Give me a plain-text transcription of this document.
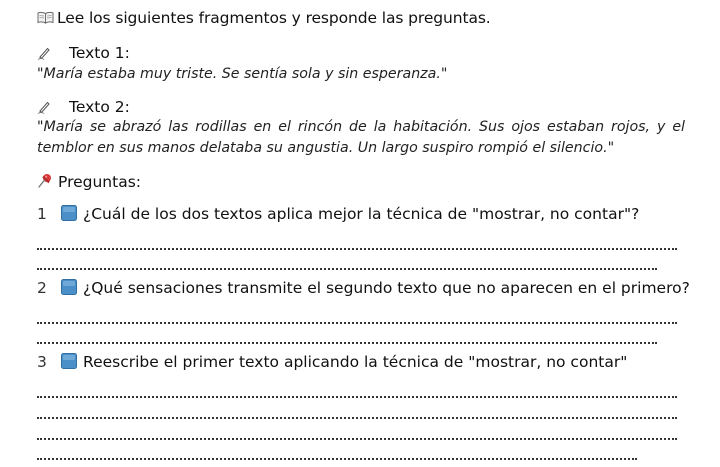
Lee los siguientes fragmentos y responde las preguntas.
Texto 1:
"María estaba muy triste. Se sentía sola y sin esperanza."
Texto 2:
"María se abrazó las rodillas en el rincón de la habitación. Sus ojos estaban rojos, y el
temblor en sus manos delataba su angustia. Un largo suspiro rompió el silencio."
Preguntas:
1 ¿Cuál de los dos textos aplica mejor la técnica de "mostrar, no contar"?
2 ¿Qué sensaciones transmite el segundo texto que no aparecen en el primero?
3 Reescribe el primer texto aplicando la técnica de "mostrar, no contar"
